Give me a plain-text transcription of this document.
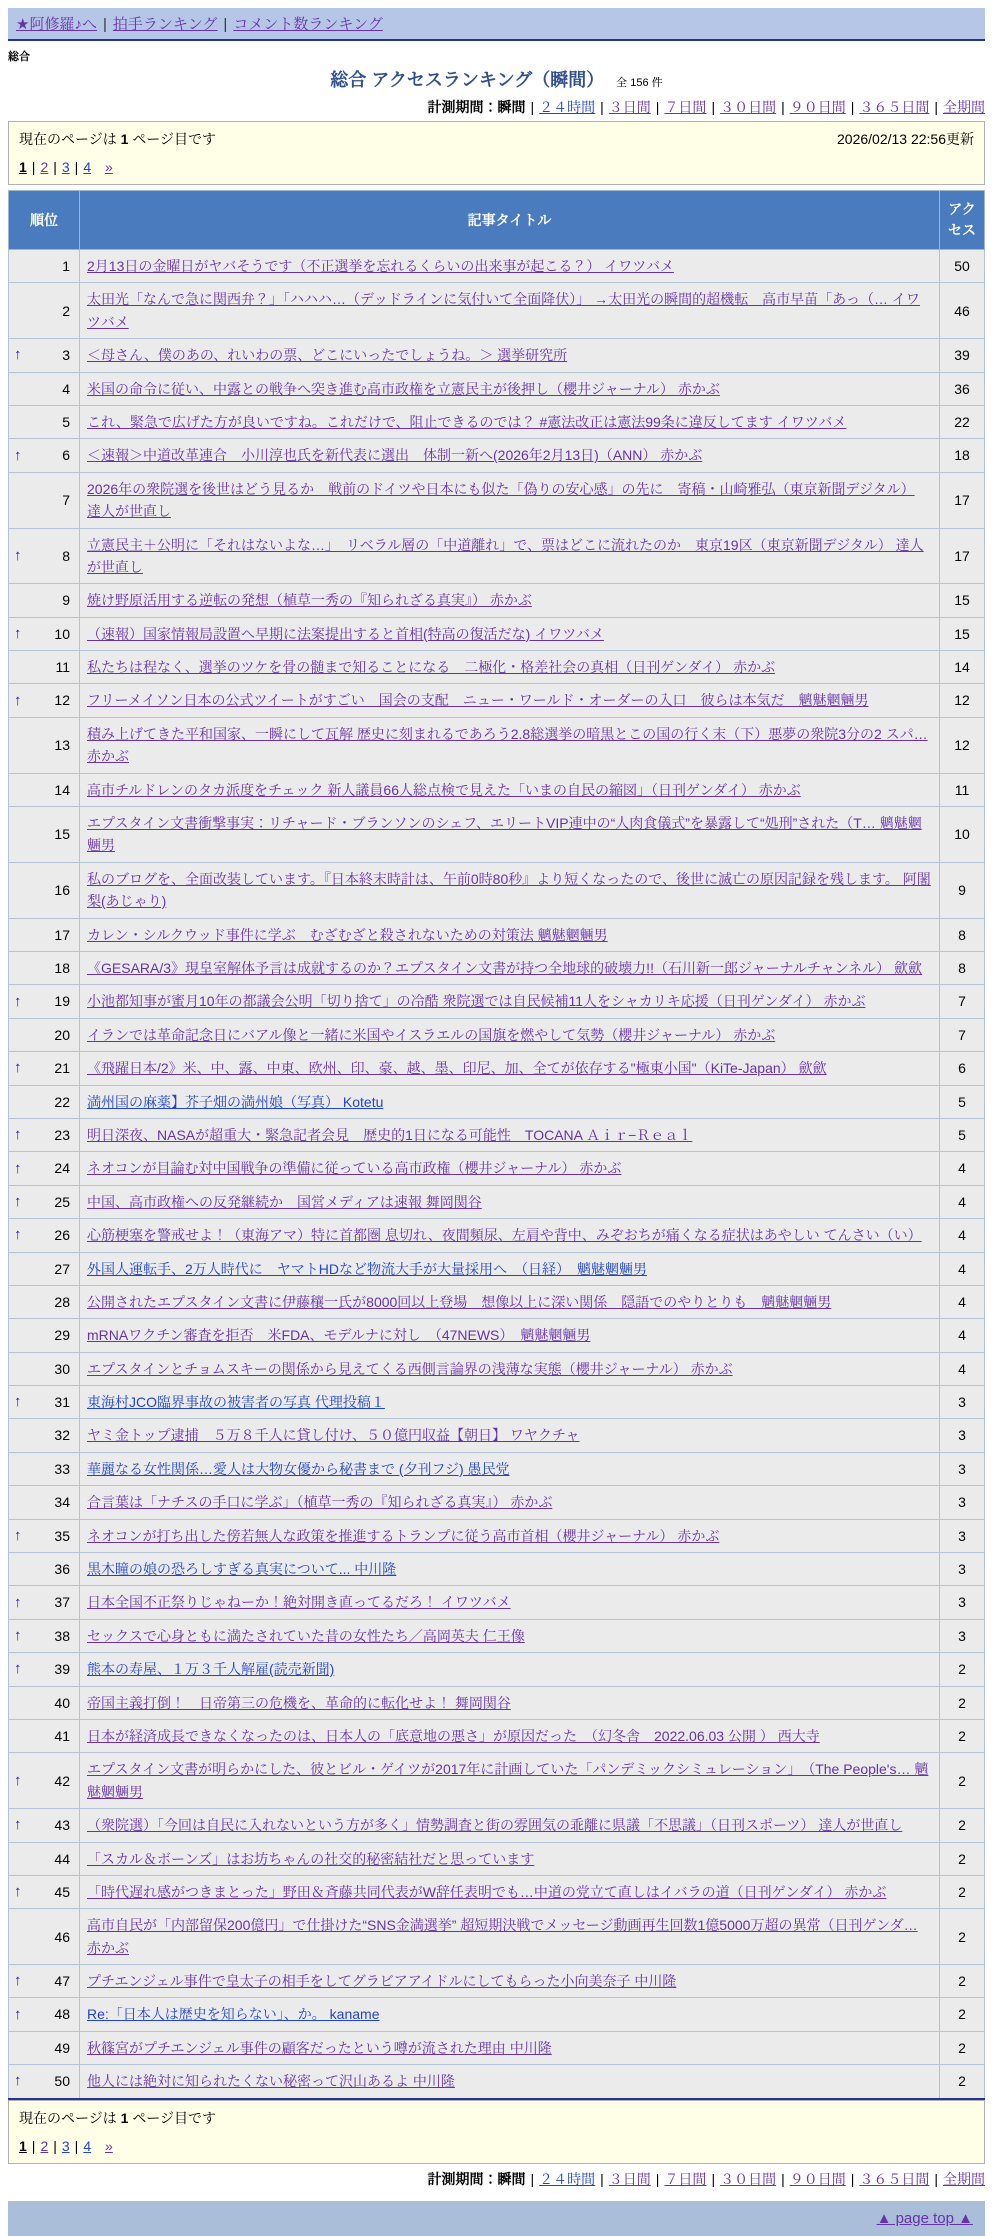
★阿修羅♪へ | 拍手ランキング | コメント数ランキング
総合
総合 アクセスランキング（瞬間） 全 156 件
計測期間：瞬間 | ２４時間 | ３日間 | ７日間 | ３０日間 | ９０日間 | ３６５日間 | 全期間
現在のページは 1 ページ目です	2026/02/13 22:56更新
1 | 2 | 3 | 4 »
順位	記事タイトル	アクセス
1	2月13日の金曜日がヤバそうです（不正選挙を忘れるくらいの出来事が起こる？） イワツバメ	50
2	太田光「なんで急に関西弁？」「ハハハ…（デッドラインに気付いて全面降伏）」 →太田光の瞬間的超機転　高市早苗「あっ（… イワツバメ	46

↑ 3	＜母さん、僕のあの、れいわの票、どこにいったでしょうね。＞ 選挙研究所	39
4	米国の命令に従い、中露との戦争へ突き進む高市政権を立憲民主が後押し（櫻井ジャーナル） 赤かぶ	36
5	これ、緊急で広げた方が良いですね。これだけで、阻止できるのでは？ #憲法改正は憲法99条に違反してます イワツバメ	22

↑ 6	＜速報＞中道改革連合　小川淳也氏を新代表に選出　体制一新へ(2026年2月13日)（ANN） 赤かぶ	18
7	2026年の衆院選を後世はどう見るか　戦前のドイツや日本にも似た「偽りの安心感」の先に　寄稿・山崎雅弘（東京新聞デジタル） 達人が世直し	17

↑ 8	立憲民主＋公明に「それはないよな…」　リベラル層の「中道離れ」で、票はどこに流れたのか　東京19区（東京新聞デジタル） 達人が世直し	17
9	焼け野原活用する逆転の発想（植草一秀の『知られざる真実』） 赤かぶ	15

↑ 10	（速報）国家情報局設置へ早期に法案提出すると首相(特高の復活だな) イワツバメ	15
11	私たちは程なく、選挙のツケを骨の髄まで知ることになる　二極化・格差社会の真相（日刊ゲンダイ） 赤かぶ	14

↑ 12	フリーメイソン日本の公式ツイートがすごい　国会の支配　ニュー・ワールド・オーダーの入口　彼らは本気だ　魑魅魍魎男	12
13	積み上げてきた平和国家、一瞬にして瓦解 歴史に刻まれるであろう2.8総選挙の暗黒とこの国の行く末（下）悪夢の衆院3分の2 スパ… 赤かぶ	12
14	高市チルドレンのタカ派度をチェック 新人議員66人総点検で見えた「いまの自民の縮図」（日刊ゲンダイ） 赤かぶ	11
15	エプスタイン文書衝撃事実：リチャード・ブランソンのシェフ、エリートVIP連中の“人肉食儀式”を暴露して“処刑”された（T… 魑魅魍魎男	10
16	私のブログを、全面改装しています。『日本終末時計は、午前0時80秒』より短くなったので、後世に滅亡の原因記録を残します。 阿闍梨(あじゃり)	9
17	カレン・シルクウッド事件に学ぶ　むざむざと殺されないための対策法 魑魅魍魎男	8
18	《GESARA/3》現皇室解体予言は成就するのか？エプスタイン文書が持つ全地球的破壊力!!（石川新一郎ジャーナルチャンネル） 歛歛	8

↑ 19	小池都知事が蜜月10年の都議会公明「切り捨て」の冷酷 衆院選では自民候補11人をシャカリキ応援（日刊ゲンダイ） 赤かぶ	7
20	イランでは革命記念日にバアル像と一緒に米国やイスラエルの国旗を燃やして気勢（櫻井ジャーナル） 赤かぶ	7

↑ 21	《飛躍日本/2》米、中、露、中東、欧州、印、豪、越、墨、印尼、加、全てが依存する"極東小国"（KiTe-Japan） 歛歛	6
22	満州国の麻薬】芥子畑の満州娘（写真） Kotetu	5

↑ 23	明日深夜、NASAが超重大・緊急記者会見　歴史的1日になる可能性　TOCANA Ａｉｒ−Ｒｅａｌ	5

↑ 24	ネオコンが目論む対中国戦争の準備に従っている高市政権（櫻井ジャーナル） 赤かぶ	4

↑ 25	中国、高市政権への反発継続か　国営メディアは速報 舞岡関谷	4

↑ 26	心筋梗塞を警戒せよ！（東海アマ）特に首都圏 息切れ、夜間頻尿、左肩や背中、みぞおちが痛くなる症状はあやしい てんさい（い）	4
27	外国人運転手、2万人時代に　ヤマトHDなど物流大手が大量採用へ　（日経）　魑魅魍魎男	4
28	公開されたエプスタイン文書に伊藤穰一氏が8000回以上登場　想像以上に深い関係　隠語でのやりとりも　魑魅魍魎男	4
29	mRNAワクチン審査を拒否　米FDA、モデルナに対し　（47NEWS）　魑魅魍魎男	4
30	エプスタインとチョムスキーの関係から見えてくる西側言論界の浅薄な実態（櫻井ジャーナル） 赤かぶ	4

↑ 31	東海村JCO臨界事故の被害者の写真 代理投稿１	3
32	ヤミ金トップ逮捕　５万８千人に貸し付け、５０億円収益【朝日】 ワヤクチャ	3
33	華麗なる女性関係…愛人は大物女優から秘書まで (夕刊フジ) 愚民党	3
34	合言葉は「ナチスの手口に学ぶ」（植草一秀の『知られざる真実』） 赤かぶ	3

↑ 35	ネオコンが打ち出した傍若無人な政策を推進するトランプに従う高市首相（櫻井ジャーナル） 赤かぶ	3
36	黒木瞳の娘の恐ろしすぎる真実について... 中川隆	3

↑ 37	日本全国不正祭りじゃねーか！絶対開き直ってるだろ！ イワツバメ	3

↑ 38	セックスで心身ともに満たされていた昔の女性たち／高岡英夫 仁王像	3

↑ 39	熊本の寿屋、１万３千人解雇(読売新聞)	2
40	帝国主義打倒！　日帝第三の危機を、革命的に転化せよ！ 舞岡関谷	2
41	日本が経済成長できなくなったのは、日本人の「底意地の悪さ」が原因だった　（幻冬舎　2022.06.03 公開 ） 西大寺	2

↑ 42	エプスタイン文書が明らかにした、彼とビル・ゲイツが2017年に計画していた「パンデミックシミュレーション」　（The People's… 魑魅魍魎男	2

↑ 43	（衆院選）「今回は自民に入れないという方が多く」情勢調査と街の雰囲気の乖離に県議「不思議」（日刊スポーツ） 達人が世直し	2
44	「スカル＆ボーンズ」はお坊ちゃんの社交的秘密結社だと思っています	2

↑ 45	「時代遅れ感がつきまとった」野田＆斉藤共同代表がW辞任表明でも…中道の党立て直しはイバラの道（日刊ゲンダイ） 赤かぶ	2
46	高市自民が「内部留保200億円」で仕掛けた“SNS金満選挙” 超短期決戦でメッセージ動画再生回数1億5000万超の異常（日刊ゲンダ… 赤かぶ	2

↑ 47	プチエンジェル事件で皇太子の相手をしてグラビアアイドルにしてもらった小向美奈子 中川隆	2

↑ 48	Re:「日本人は歴史を知らない」、か。 kaname	2
49	秋篠宮がプチエンジェル事件の顧客だったという噂が流された理由 中川隆	2

↑ 50	他人には絶対に知られたくない秘密って沢山あるよ 中川隆	2
現在のページは 1 ページ目です
1 | 2 | 3 | 4 »
計測期間：瞬間 | ２４時間 | ３日間 | ７日間 | ３０日間 | ９０日間 | ３６５日間 | 全期間
▲ page top ▲
